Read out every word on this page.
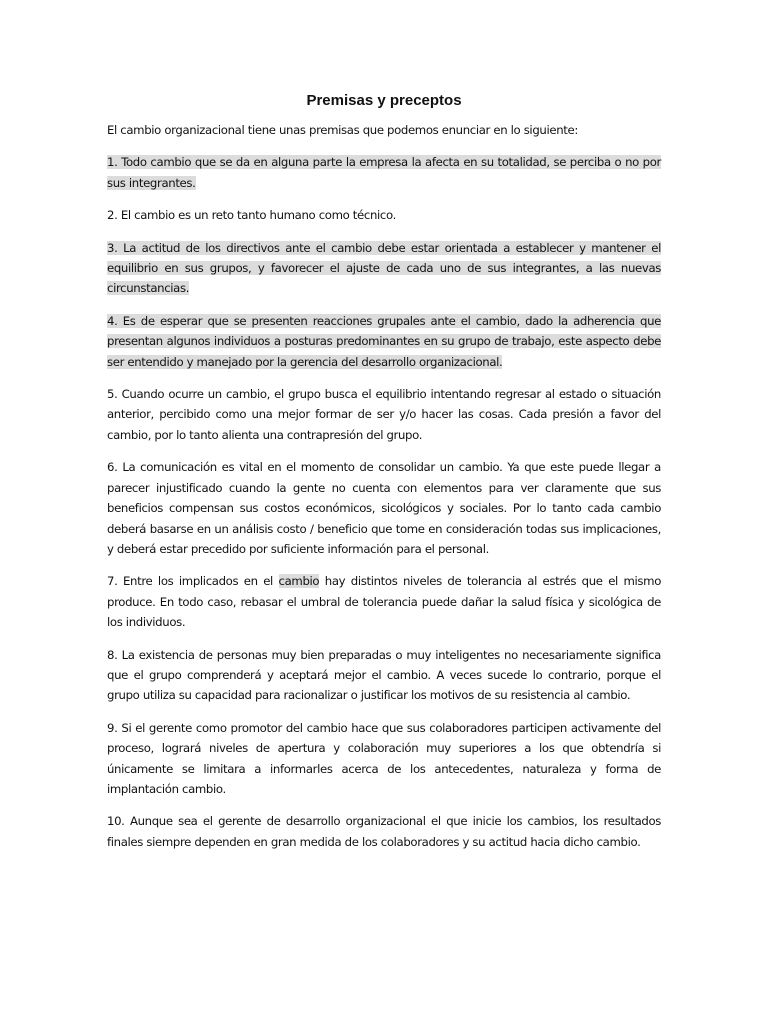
Premisas y preceptos

El cambio organizacional tiene unas premisas que podemos enunciar en lo siguiente:

1. Todo cambio que se da en alguna parte la empresa la afecta en su totalidad, se perciba o no por sus integrantes.

2. El cambio es un reto tanto humano como técnico.

3. La actitud de los directivos ante el cambio debe estar orientada a establecer y mantener el equilibrio en sus grupos, y favorecer el ajuste de cada uno de sus integrantes, a las nuevas circunstancias.

4. Es de esperar que se presenten reacciones grupales ante el cambio, dado la adherencia que presentan algunos individuos a posturas predominantes en su grupo de trabajo, este aspecto debe ser entendido y manejado por la gerencia del desarrollo organizacional.

5. Cuando ocurre un cambio, el grupo busca el equilibrio intentando regresar al estado o situación anterior, percibido como una mejor formar de ser y/o hacer las cosas. Cada presión a favor del cambio, por lo tanto alienta una contrapresión del grupo.

6. La comunicación es vital en el momento de consolidar un cambio. Ya que este puede llegar a parecer injustificado cuando la gente no cuenta con elementos para ver claramente que sus beneficios compensan sus costos económicos, sicológicos y sociales. Por lo tanto cada cambio deberá basarse en un análisis costo / beneficio que tome en consideración todas sus implicaciones, y deberá estar precedido por suficiente información para el personal.

7. Entre los implicados en el cambio hay distintos niveles de tolerancia al estrés que el mismo produce. En todo caso, rebasar el umbral de tolerancia puede dañar la salud física y sicológica de los individuos.

8. La existencia de personas muy bien preparadas o muy inteligentes no necesariamente significa que el grupo comprenderá y aceptará mejor el cambio. A veces sucede lo contrario, porque el grupo utiliza su capacidad para racionalizar o justificar los motivos de su resistencia al cambio.

9. Si el gerente como promotor del cambio hace que sus colaboradores participen activamente del proceso, logrará niveles de apertura y colaboración muy superiores a los que obtendría si únicamente se limitara a informarles acerca de los antecedentes, naturaleza y forma de implantación cambio.

10. Aunque sea el gerente de desarrollo organizacional el que inicie los cambios, los resultados finales siempre dependen en gran medida de los colaboradores y su actitud hacia dicho cambio.
